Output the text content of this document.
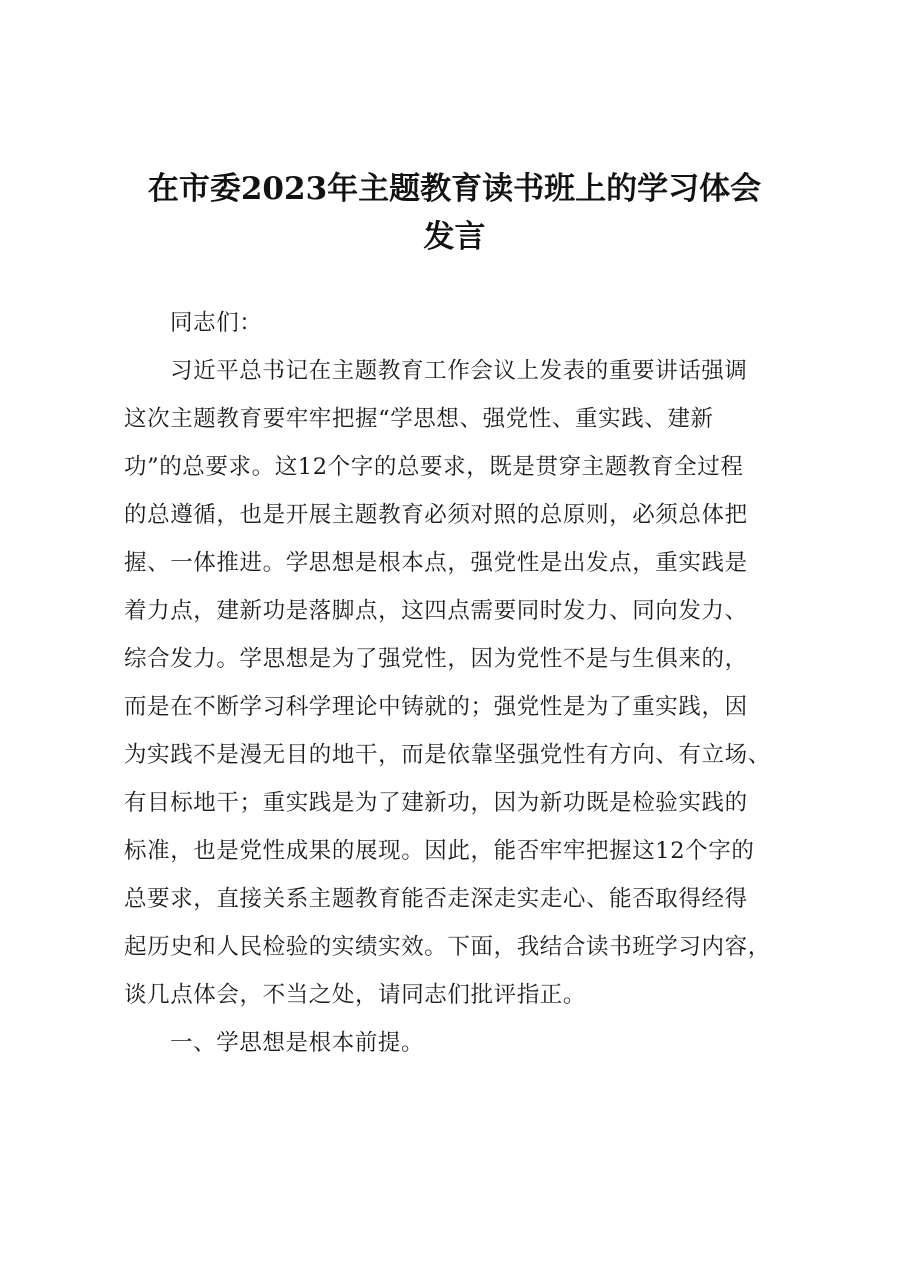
在市委2023年主题教育读书班上的学习体会
发言

同志们：

习近平总书记在主题教育工作会议上发表的重要讲话强调

这次主题教育要牢牢把握“学思想、强党性、重实践、建新

功”的总要求。这12个字的总要求，既是贯穿主题教育全过程

的总遵循，也是开展主题教育必须对照的总原则，必须总体把

握、一体推进。学思想是根本点，强党性是出发点，重实践是

着力点，建新功是落脚点，这四点需要同时发力、同向发力、

综合发力。学思想是为了强党性，因为党性不是与生俱来的，

而是在不断学习科学理论中铸就的；强党性是为了重实践，因

为实践不是漫无目的地干，而是依靠坚强党性有方向、有立场、

有目标地干；重实践是为了建新功，因为新功既是检验实践的

标准，也是党性成果的展现。因此，能否牢牢把握这12个字的

总要求，直接关系主题教育能否走深走实走心、能否取得经得

起历史和人民检验的实绩实效。下面，我结合读书班学习内容，

谈几点体会，不当之处，请同志们批评指正。

一、学思想是根本前提。
